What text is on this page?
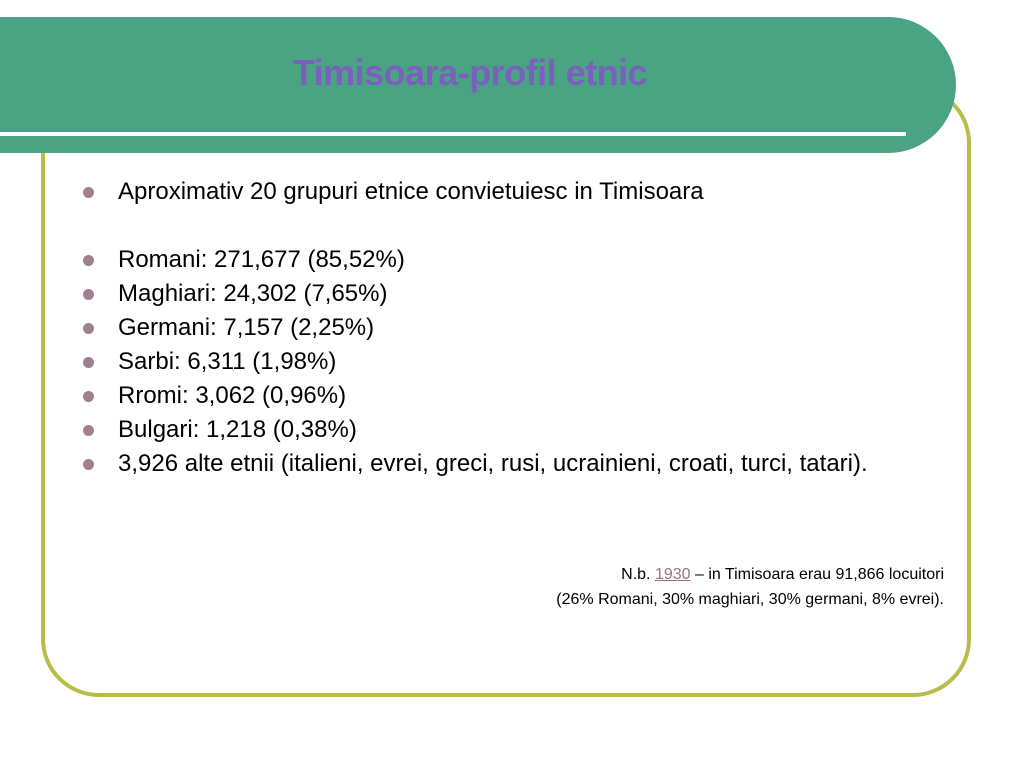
Timisoara-profil etnic
Aproximativ 20 grupuri etnice convietuiesc in Timisoara
Romani: 271,677 (85,52%)
Maghiari: 24,302 (7,65%)
Germani: 7,157 (2,25%)
Sarbi: 6,311 (1,98%)
Rromi: 3,062 (0,96%)
Bulgari: 1,218 (0,38%)
3,926 alte etnii (italieni, evrei, greci, rusi, ucrainieni, croati, turci, tatari).
N.b. 1930 – in Timisoara erau 91,866 locuitori
(26% Romani, 30% maghiari, 30% germani, 8% evrei).
